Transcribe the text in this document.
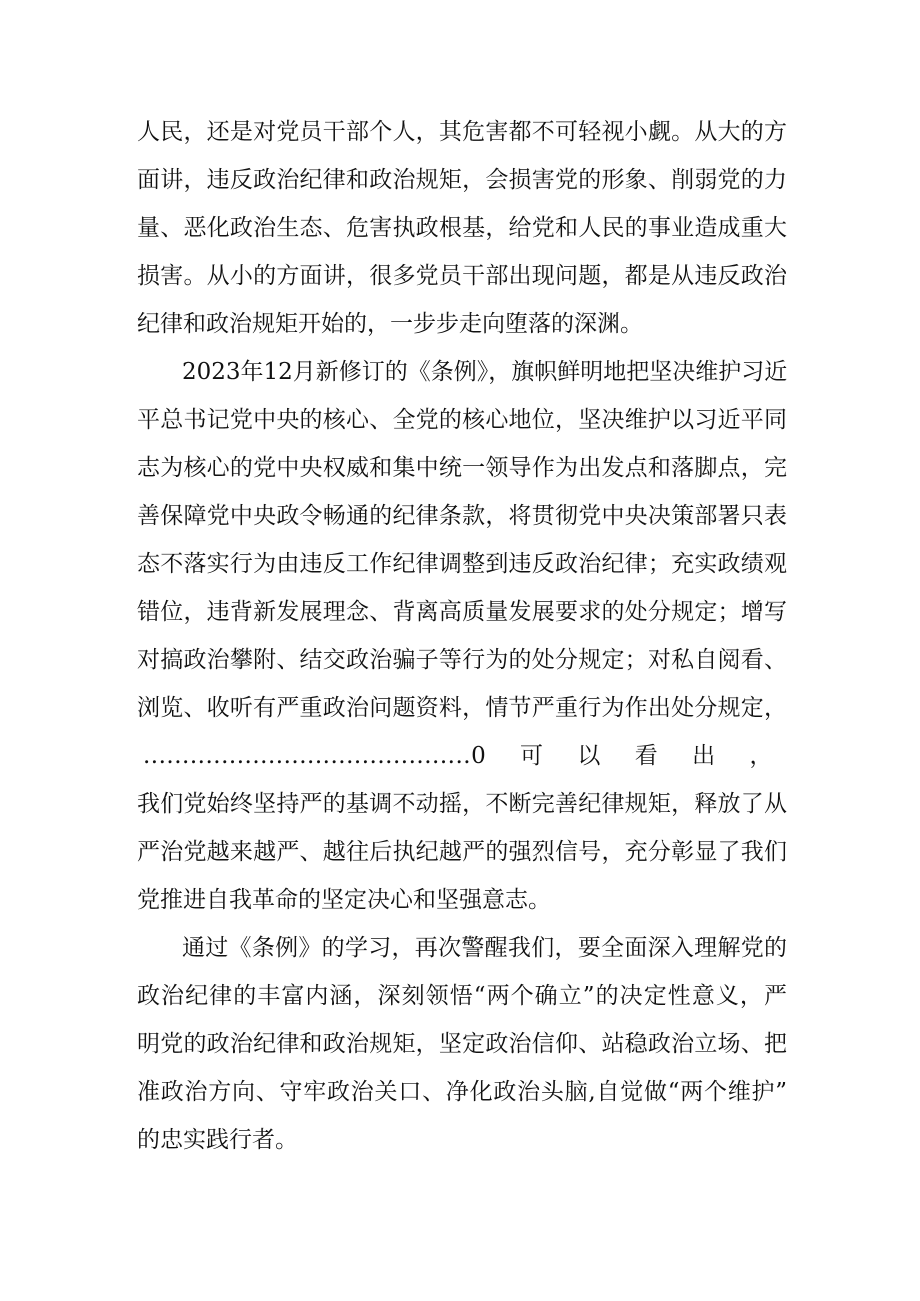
人民，还是对党员干部个人，其危害都不可轻视小觑。从大的方
面讲，违反政治纪律和政治规矩，会损害党的形象、削弱党的力
量、恶化政治生态、危害执政根基，给党和人民的事业造成重大
损害。从小的方面讲，很多党员干部出现问题，都是从违反政治
纪律和政治规矩开始的，一步步走向堕落的深渊。
2023年12月新修订的《条例》，旗帜鲜明地把坚决维护习近
平总书记党中央的核心、全党的核心地位，坚决维护以习近平同
志为核心的党中央权威和集中统一领导作为出发点和落脚点，完
善保障党中央政令畅通的纪律条款，将贯彻党中央决策部署只表
态不落实行为由违反工作纪律调整到违反政治纪律；充实政绩观
错位，违背新发展理念、背离高质量发展要求的处分规定；增写
对搞政治攀附、结交政治骗子等行为的处分规定；对私自阅看、
浏览、收听有严重政治问题资料，情节严重行为作出处分规定，
..........................................0可以看出，
我们党始终坚持严的基调不动摇，不断完善纪律规矩，释放了从
严治党越来越严、越往后执纪越严的强烈信号，充分彰显了我们
党推进自我革命的坚定决心和坚强意志。
通过《条例》的学习，再次警醒我们，要全面深入理解党的
政治纪律的丰富内涵，深刻领悟“两个确立”的决定性意义，严
明党的政治纪律和政治规矩，坚定政治信仰、站稳政治立场、把
准政治方向、守牢政治关口、净化政治头脑,自觉做“两个维护”
的忠实践行者。
